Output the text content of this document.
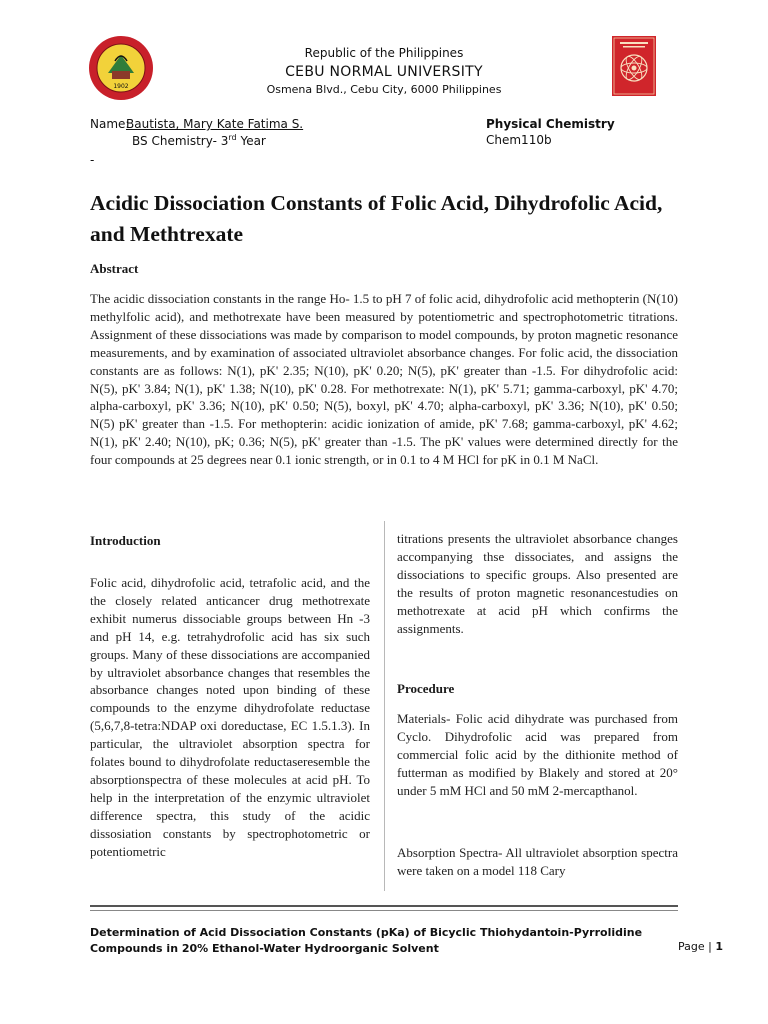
1902
Republic of the Philippines
CEBU NORMAL UNIVERSITY
Osmena Blvd., Cebu City, 6000 Philippines
Name:
Bautista, Mary Kate Fatima S.
BS Chemistry- 3rd Year
Physical Chemistry
Chem110b
-
Acidic Dissociation Constants of Folic Acid, Dihydrofolic Acid, and Methtrexate
Abstract
The acidic dissociation constants in the range Ho- 1.5 to pH 7 of folic acid, dihydrofolic acid methopterin (N(10) methylfolic acid), and methotrexate have been measured by potentiometric and spectrophotometric titrations. Assignment of these dissociations was made by comparison to model compounds, by proton magnetic resonance measurements, and by examination of associated ultraviolet absorbance changes. For folic acid, the dissociation constants are as follows: N(1), pK' 2.35; N(10), pK' 0.20; N(5), pK' greater than -1.5. For dihydrofolic acid: N(5), pK' 3.84; N(1), pK' 1.38; N(10), pK' 0.28. For methotrexate: N(1), pK' 5.71; gamma-carboxyl, pK' 4.70; alpha-carboxyl, pK' 3.36; N(10), pK' 0.50; N(5), boxyl, pK' 4.70; alpha-carboxyl, pK' 3.36; N(10), pK' 0.50; N(5) pK' greater than -1.5. For methopterin: acidic ionization of amide, pK' 7.68; gamma-carboxyl, pK' 4.62; N(1), pK' 2.40; N(10), pK; 0.36; N(5), pK' greater than -1.5. The pK' values were determined directly for the four compounds at 25 degrees near 0.1 ionic strength, or in 0.1 to 4 M HCl for pK in 0.1 M NaCl.
Introduction
Folic acid, dihydrofolic acid, tetrafolic acid, and the the closely related anticancer drug methotrexate exhibit numerus dissociable groups between Hn -3 and pH 14, e.g. tetrahydrofolic acid has six such groups. Many of these dissociations are accompanied by ultraviolet absorbance changes that resembles the absorbance changes noted upon binding of these compounds to the enzyme dihydrofolate reductase (5,6,7,8-tetra:NDAP oxi doreductase, EC 1.5.1.3). In particular, the ultraviolet absorption spectra for folates bound to dihydrofolate reductaseresemble the absorptionspectra of these molecules at acid pH. To help in the interpretation of the enzymic ultraviolet difference spectra, this study of the acidic dissosiation constants by spectrophotometric or potentiometric
titrations presents the ultraviolet absorbance changes accompanying thse dissociates, and assigns the dissociations to specific groups. Also presented are the results of proton magnetic resonancestudies on methotrexate at acid pH which confirms the assignments.
Procedure
Materials- Folic acid dihydrate was purchased from Cyclo. Dihydrofolic acid was prepared from commercial folic acid by the dithionite method of futterman as modified by Blakely and stored at 20° under 5 mM HCl and 50 mM 2-mercapthanol.
Absorption Spectra- All ultraviolet absorption spectra were taken on a model 118 Cary
Determination of Acid Dissociation Constants (pKa) of Bicyclic Thiohydantoin-Pyrrolidine Compounds in 20% Ethanol-Water Hydroorganic Solvent	Page | 1
